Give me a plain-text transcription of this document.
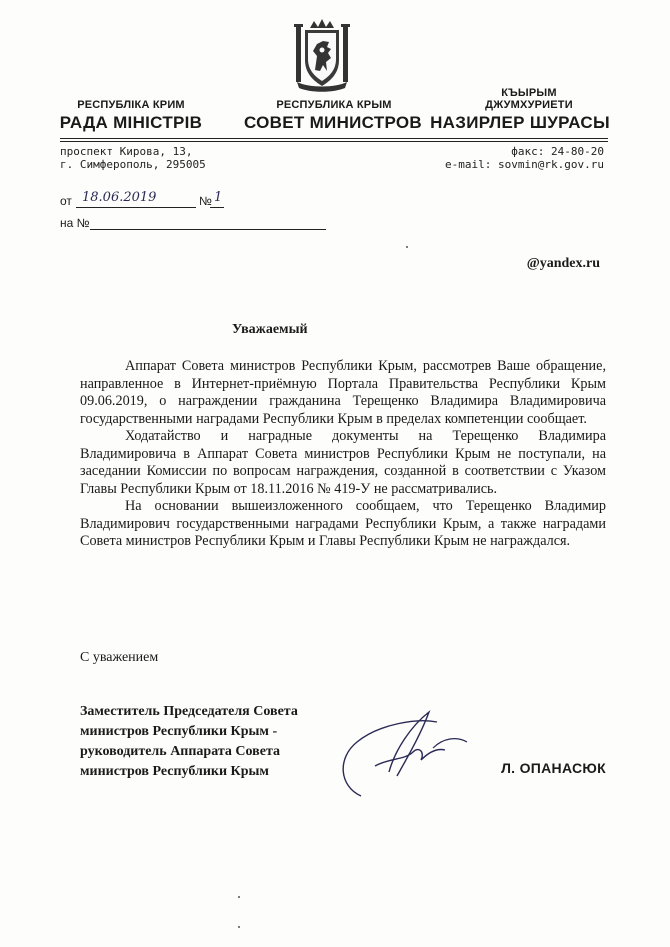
РЕСПУБЛІКА КРИМ
РАДА МІНІСТРІВ
РЕСПУБЛИКА КРЫМ
СОВЕТ МИНИСТРОВ
КЪЫРЫМ
ДЖУМХУРИЕТИ
НАЗИРЛЕР ШУРАСЫ
проспект Кирова, 13,
г. Симферополь, 295005
факс: 24-80-20
e-mail: sovmin@rk.gov.ru
от 18.06.2019	№ 1
на №
@yandex.ru
Уважаемый

Аппарат Совета министров Республики Крым, рассмотрев Ваше обращение, направленное в Интернет-приёмную Портала Правительства Республики Крым 09.06.2019, о награждении гражданина Терещенко Владимира Владимировича государственными наградами Республики Крым в пределах компетенции сообщает.

Ходатайство и наградные документы на Терещенко Владимира Владимировича в Аппарат Совета министров Республики Крым не поступали, на заседании Комиссии по вопросам награждения, созданной в соответствии с Указом Главы Республики Крым от 18.11.2016 № 419-У не рассматривались.

На основании вышеизложенного сообщаем, что Терещенко Владимир Владимирович государственными наградами Республики Крым, а также наградами Совета министров Республики Крым и Главы Республики Крым не награждался.

С уважением
Заместитель Председателя Совета
министров Республики Крым -
руководитель Аппарата Совета
министров Республики Крым	Л. ОПАНАСЮК
